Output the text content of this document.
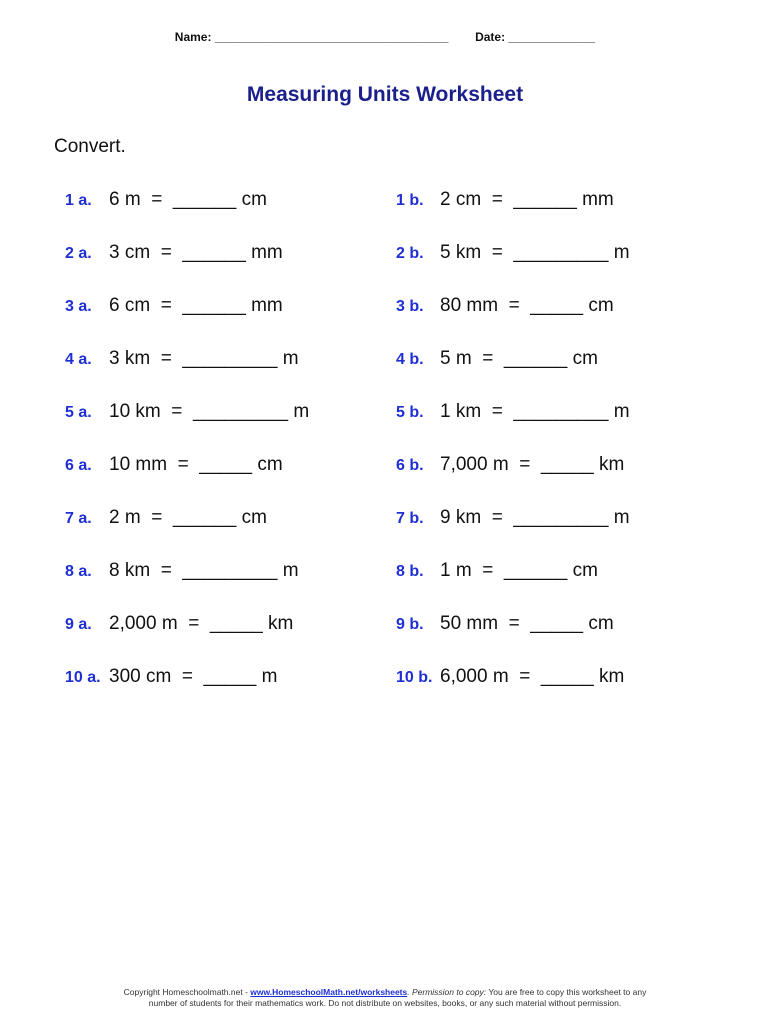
Name: ___________________________________ Date: _____________
Measuring Units Worksheet
Convert.
1 a. 6 m  =  ______ cm
2 a. 3 cm  =  ______ mm
3 a. 6 cm  =  ______ mm
4 a. 3 km  =  _________ m
5 a. 10 km  =  _________ m
6 a. 10 mm  =  _____ cm
7 a. 2 m  =  ______ cm
8 a. 8 km  =  _________ m
9 a. 2,000 m  =  _____ km
10 a. 300 cm  =  _____ m
1 b. 2 cm  =  ______ mm
2 b. 5 km  =  _________ m
3 b. 80 mm  =  _____ cm
4 b. 5 m  =  ______ cm
5 b. 1 km  =  _________ m
6 b. 7,000 m  =  _____ km
7 b. 9 km  =  _________ m
8 b. 1 m  =  ______ cm
9 b. 50 mm  =  _____ cm
10 b. 6,000 m  =  _____ km
Copyright Homeschoolmath.net - www.HomeschoolMath.net/worksheets. Permission to copy: You are free to copy this worksheet to any
number of students for their mathematics work. Do not distribute on websites, books, or any such material without permission.
